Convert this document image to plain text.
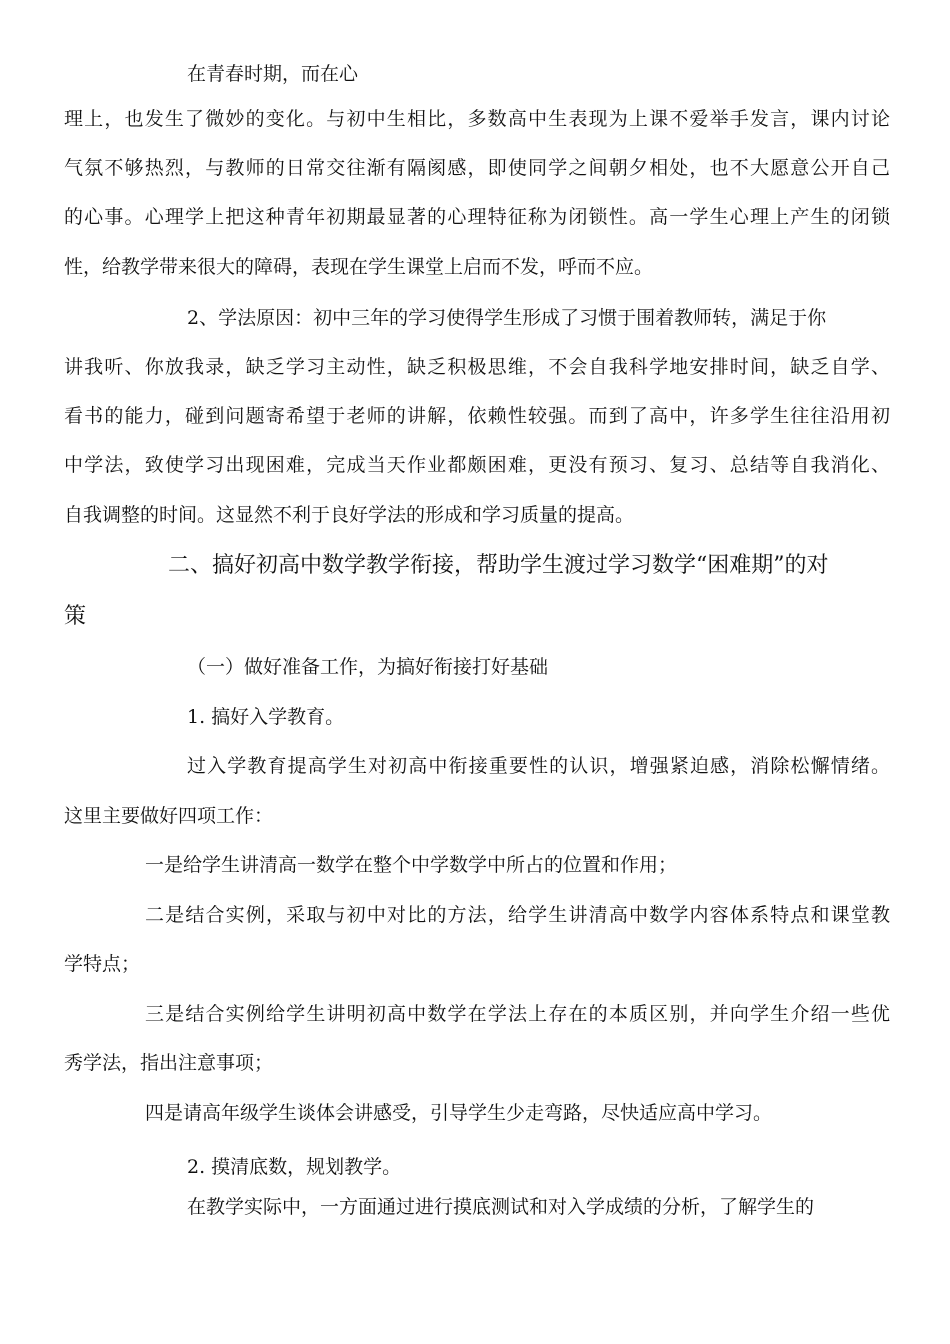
在青春时期，而在心
理上，也发生了微妙的变化。与初中生相比，多数高中生表现为上课不爱举手发言，课内讨论
气氛不够热烈，与教师的日常交往渐有隔阂感，即使同学之间朝夕相处，也不大愿意公开自己
的心事。心理学上把这种青年初期最显著的心理特征称为闭锁性。高一学生心理上产生的闭锁
性，给教学带来很大的障碍，表现在学生课堂上启而不发，呼而不应。
2、学法原因：初中三年的学习使得学生形成了习惯于围着教师转，满足于你
讲我听、你放我录，缺乏学习主动性，缺乏积极思维，不会自我科学地安排时间，缺乏自学、
看书的能力，碰到问题寄希望于老师的讲解，依赖性较强。而到了高中，许多学生往往沿用初
中学法，致使学习出现困难，完成当天作业都颇困难，更没有预习、复习、总结等自我消化、
自我调整的时间。这显然不利于良好学法的形成和学习质量的提高。
二、搞好初高中数学教学衔接，帮助学生渡过学习数学“困难期”的对
策
（一）做好准备工作，为搞好衔接打好基础
1. 搞好入学教育。
过入学教育提高学生对初高中衔接重要性的认识，增强紧迫感，消除松懈情绪。
这里主要做好四项工作：
一是给学生讲清高一数学在整个中学数学中所占的位置和作用；
二是结合实例，采取与初中对比的方法，给学生讲清高中数学内容体系特点和课堂教
学特点；
三是结合实例给学生讲明初高中数学在学法上存在的本质区别，并向学生介绍一些优
秀学法，指出注意事项；
四是请高年级学生谈体会讲感受，引导学生少走弯路，尽快适应高中学习。
2. 摸清底数，规划教学。
在教学实际中，一方面通过进行摸底测试和对入学成绩的分析，了解学生的
